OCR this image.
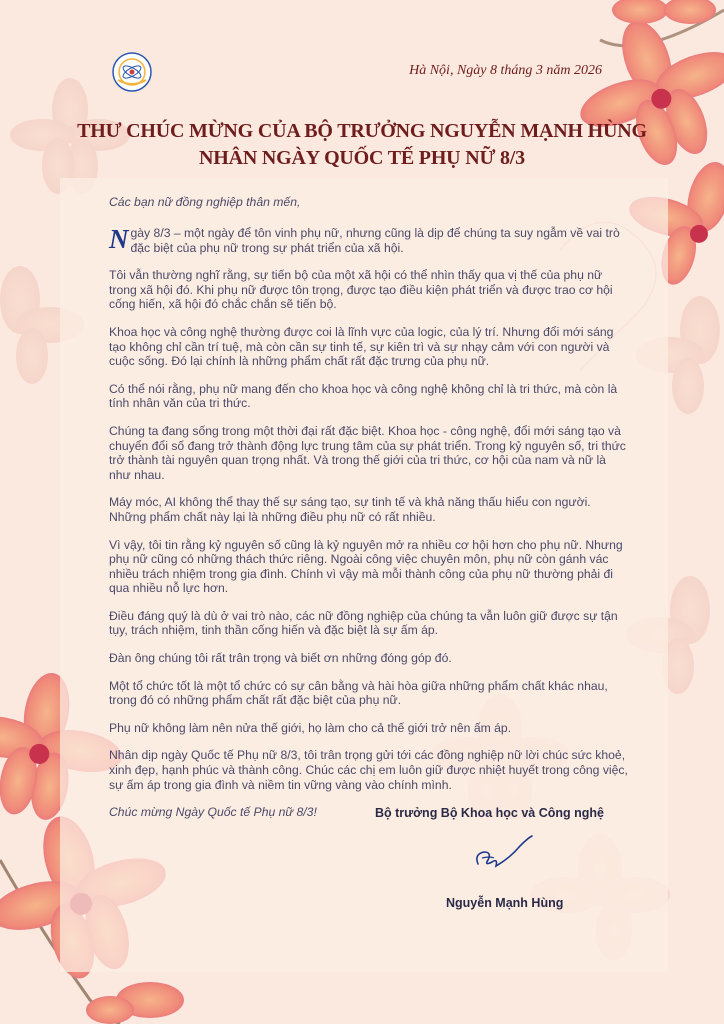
Hà Nội, Ngày 8 tháng 3 năm 2026
THƯ CHÚC MỪNG CỦA BỘ TRƯỞNG NGUYỄN MẠNH HÙNG
NHÂN NGÀY QUỐC TẾ PHỤ NỮ 8/3
Các bạn nữ đồng nghiệp thân mến,

Ngày 8/3 – một ngày để tôn vinh phụ nữ, nhưng cũng là dịp để chúng ta suy ngẫm về vai trò đặc biệt của phụ nữ trong sự phát triển của xã hội.

Tôi vẫn thường nghĩ rằng, sự tiến bộ của một xã hội có thể nhìn thấy qua vị thế của phụ nữ trong xã hội đó. Khi phụ nữ được tôn trọng, được tạo điều kiện phát triển và được trao cơ hội cống hiến, xã hội đó chắc chắn sẽ tiến bộ.

Khoa học và công nghệ thường được coi là lĩnh vực của logic, của lý trí. Nhưng đổi mới sáng tạo không chỉ cần trí tuệ, mà còn cần sự tinh tế, sự kiên trì và sự nhạy cảm với con người và cuộc sống. Đó lại chính là những phẩm chất rất đặc trưng của phụ nữ.

Có thể nói rằng, phụ nữ mang đến cho khoa học và công nghệ không chỉ là tri thức, mà còn là tính nhân văn của tri thức.

Chúng ta đang sống trong một thời đại rất đặc biệt. Khoa học - công nghệ, đổi mới sáng tạo và chuyển đổi số đang trở thành động lực trung tâm của sự phát triển. Trong kỷ nguyên số, tri thức trở thành tài nguyên quan trọng nhất. Và trong thế giới của tri thức, cơ hội của nam và nữ là như nhau.

Máy móc, AI không thể thay thế sự sáng tạo, sự tinh tế và khả năng thấu hiểu con người. Những phẩm chất này lại là những điều phụ nữ có rất nhiều.

Vì vậy, tôi tin rằng kỷ nguyên số cũng là kỷ nguyên mở ra nhiều cơ hội hơn cho phụ nữ. Nhưng phụ nữ cũng có những thách thức riêng. Ngoài công việc chuyên môn, phụ nữ còn gánh vác nhiều trách nhiệm trong gia đình. Chính vì vậy mà mỗi thành công của phụ nữ thường phải đi qua nhiều nỗ lực hơn.

Điều đáng quý là dù ở vai trò nào, các nữ đồng nghiệp của chúng ta vẫn luôn giữ được sự tận tụy, trách nhiệm, tinh thần cống hiến và đặc biệt là sự ấm áp.

Đàn ông chúng tôi rất trân trọng và biết ơn những đóng góp đó.

Một tổ chức tốt là một tổ chức có sự cân bằng và hài hòa giữa những phẩm chất khác nhau, trong đó có những phẩm chất rất đặc biệt của phụ nữ.

Phụ nữ không làm nên nửa thế giới, họ làm cho cả thế giới trở nên ấm áp.

Nhân dịp ngày Quốc tế Phụ nữ 8/3, tôi trân trọng gửi tới các đồng nghiệp nữ lời chúc sức khoẻ, xinh đẹp, hạnh phúc và thành công. Chúc các chị em luôn giữ được nhiệt huyết trong công việc, sự ấm áp trong gia đình và niềm tin vững vàng vào chính mình.

Chúc mừng Ngày Quốc tế Phụ nữ 8/3!	Bộ trưởng Bộ Khoa học và Công nghệ
Nguyễn Mạnh Hùng
